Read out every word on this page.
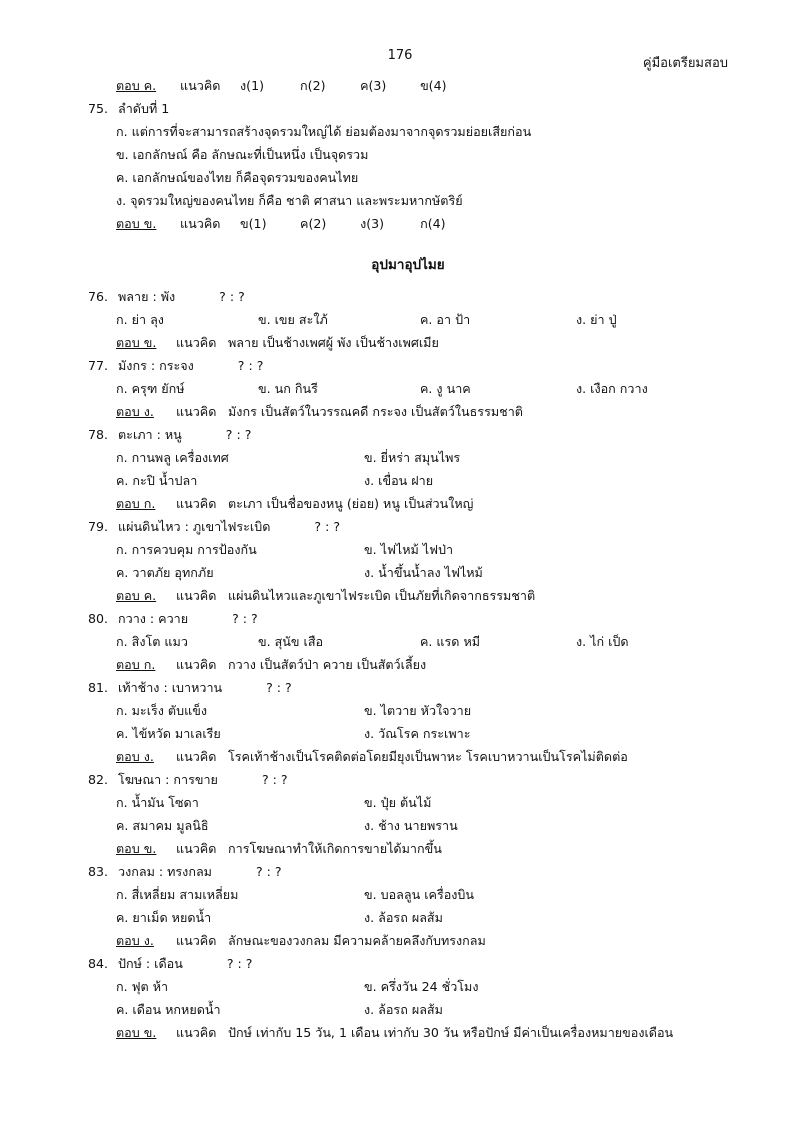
176
คู่มือเตรียมสอบ
ตอบ ค. แนวคิด ง(1)	ก(2)	ค(3)	ข(4)
75. ลำดับที่ 1
ก. แต่การที่จะสามารถสร้างจุดรวมใหญ่ได้ ย่อมต้องมาจากจุดรวมย่อยเสียก่อน
ข. เอกลักษณ์ คือ ลักษณะที่เป็นหนึ่ง เป็นจุดรวม
ค. เอกลักษณ์ของไทย ก็คือจุดรวมของคนไทย
ง. จุดรวมใหญ่ของคนไทย ก็คือ ชาติ ศาสนา และพระมหากษัตริย์
ตอบ ข. แนวคิด ข(1)	ค(2)	ง(3)	ก(4)
อุปมาอุปไมย
76. พลาย : พัง	? : ?
ก. ย่า ลุง	ข. เขย สะใภ้	ค. อา ป้า	ง. ย่า ปู่
ตอบ ข. แนวคิด พลาย เป็นช้างเพศผู้ พัง เป็นช้างเพศเมีย
77. มังกร : กระจง	? : ?
ก. ครุฑ ยักษ์	ข. นก กินรี	ค. งู นาค	ง. เงือก กวาง
ตอบ ง. แนวคิด มังกร เป็นสัตว์ในวรรณคดี กระจง เป็นสัตว์ในธรรมชาติ
78. ตะเภา : หนู	? : ?
ก. กานพลู เครื่องเทศ	ข. ยี่หร่า สมุนไพร
ค. กะปิ น้ำปลา	ง. เขื่อน ฝาย
ตอบ ก. แนวคิด ตะเภา เป็นชื่อของหนู (ย่อย) หนู เป็นส่วนใหญ่
79. แผ่นดินไหว : ภูเขาไฟระเบิด	? : ?
ก. การควบคุม การป้องกัน	ข. ไฟไหม้ ไฟป่า
ค. วาตภัย อุทกภัย	ง. น้ำขึ้นน้ำลง ไฟไหม้
ตอบ ค. แนวคิด แผ่นดินไหวและภูเขาไฟระเบิด เป็นภัยที่เกิดจากธรรมชาติ
80. กวาง : ควาย	? : ?
ก. สิงโต แมว	ข. สุนัข เสือ	ค. แรด หมี	ง. ไก่ เป็ด
ตอบ ก. แนวคิด กวาง เป็นสัตว์ป่า ควาย เป็นสัตว์เลี้ยง
81. เท้าช้าง : เบาหวาน	? : ?
ก. มะเร็ง ตับแข็ง	ข. ไตวาย หัวใจวาย
ค. ไข้หวัด มาเลเรีย	ง. วัณโรค กระเพาะ
ตอบ ง. แนวคิด โรคเท้าช้างเป็นโรคติดต่อโดยมียุงเป็นพาหะ โรคเบาหวานเป็นโรคไม่ติดต่อ
82. โฆษณา : การขาย	? : ?
ก. น้ำมัน โซดา	ข. ปุ๋ย ต้นไม้
ค. สมาคม มูลนิธิ	ง. ช้าง นายพราน
ตอบ ข. แนวคิด การโฆษณาทำให้เกิดการขายได้มากขึ้น
83. วงกลม : ทรงกลม	? : ?
ก. สี่เหลี่ยม สามเหลี่ยม	ข. บอลลูน เครื่องบิน
ค. ยาเม็ด หยดน้ำ	ง. ล้อรถ ผลส้ม
ตอบ ง. แนวคิด ลักษณะของวงกลม มีความคล้ายคลึงกับทรงกลม
84. ปักษ์ : เดือน	? : ?
ก. ฟุต ห้า	ข. ครึ่งวัน 24 ชั่วโมง
ค. เดือน หกหยดน้ำ	ง. ล้อรถ ผลส้ม
ตอบ ข. แนวคิด ปักษ์ เท่ากับ 15 วัน, 1 เดือน เท่ากับ 30 วัน หรือปักษ์ มีค่าเป็นเครื่องหมายของเดือน
